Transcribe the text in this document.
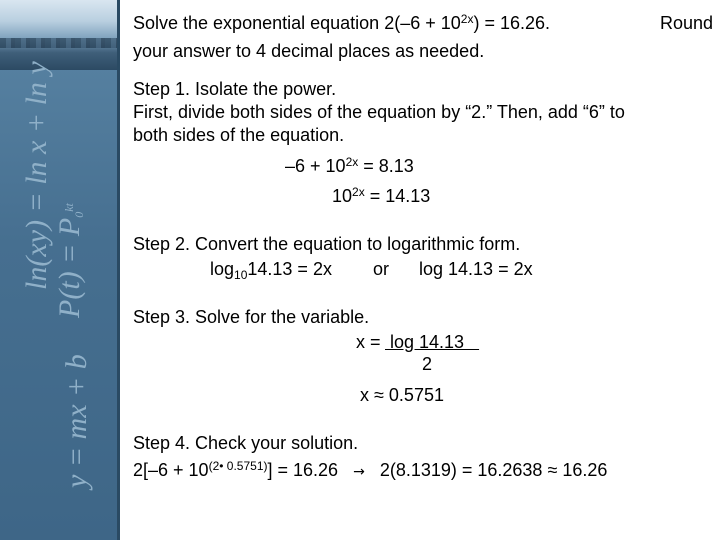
ln(xy) = ln x + ln y $P(t) = P_0^{kt}$
y = mx + b
Solve the exponential equation $2(-6 + 10^{2x}) = 16.26$.	Round
your answer to 4 decimal places as needed.
Step 1. Isolate the power.
First, divide both sides of the equation by “2.” Then, add “6” to
both sides of the equation.
$-6 + 10^{2x} = 8.13$
$10^{2x} = 14.13$
Step 2. Convert the equation to logarithmic form.
$\log_{10}14.13 = 2x$ or log 14.13 = 2x
Step 3. Solve for the variable.
x = log 14.13
2
x ≈ 0.5751
Step 4. Check your solution.
$2[-6 + 10^{(2• 0.5751)}] = 16.26 \to 2(8.1319) = 16.2638 \approx 16.26$
